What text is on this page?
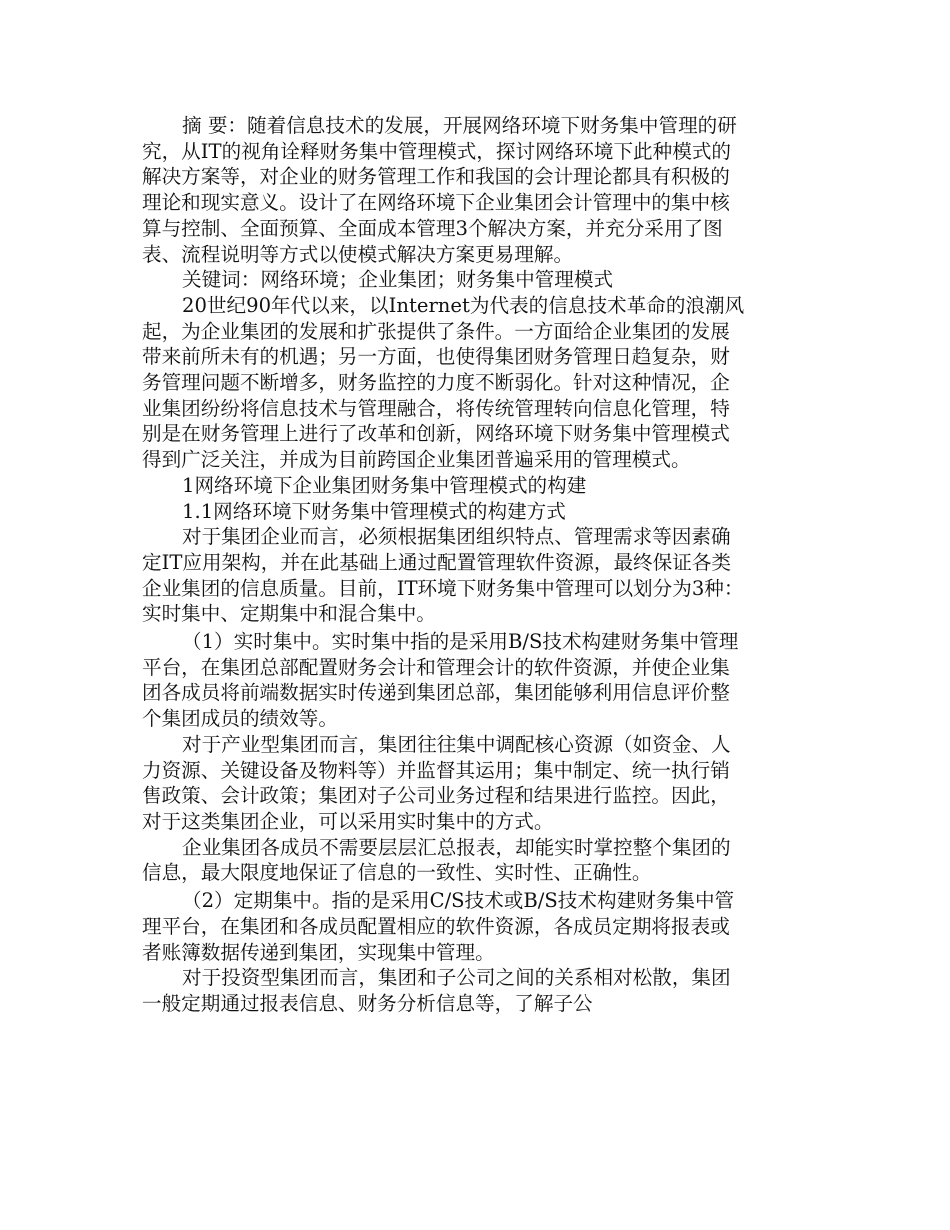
摘 要：随着信息技术的发展，开展网络环境下财务集中管理的研究，从IT的视角诠释财务集中管理模式，探讨网络环境下此种模式的解决方案等，对企业的财务管理工作和我国的会计理论都具有积极的理论和现实意义。设计了在网络环境下企业集团会计管理中的集中核算与控制、全面预算、全面成本管理3个解决方案，并充分采用了图表、流程说明等方式以使模式解决方案更易理解。

关键词：网络环境；企业集团；财务集中管理模式

20世纪90年代以来，以Internet为代表的信息技术革命的浪潮风起，为企业集团的发展和扩张提供了条件。一方面给企业集团的发展带来前所未有的机遇；另一方面，也使得集团财务管理日趋复杂，财务管理问题不断增多，财务监控的力度不断弱化。针对这种情况，企业集团纷纷将信息技术与管理融合，将传统管理转向信息化管理，特别是在财务管理上进行了改革和创新，网络环境下财务集中管理模式得到广泛关注，并成为目前跨国企业集团普遍采用的管理模式。

1网络环境下企业集团财务集中管理模式的构建

1.1网络环境下财务集中管理模式的构建方式

对于集团企业而言，必须根据集团组织特点、管理需求等因素确定IT应用架构，并在此基础上通过配置管理软件资源，最终保证各类企业集团的信息质量。目前，IT环境下财务集中管理可以划分为3种：实时集中、定期集中和混合集中。

（1）实时集中。实时集中指的是采用B/S技术构建财务集中管理平台，在集团总部配置财务会计和管理会计的软件资源，并使企业集团各成员将前端数据实时传递到集团总部，集团能够利用信息评价整个集团成员的绩效等。

对于产业型集团而言，集团往往集中调配核心资源（如资金、人力资源、关键设备及物料等）并监督其运用；集中制定、统一执行销售政策、会计政策；集团对子公司业务过程和结果进行监控。因此，对于这类集团企业，可以采用实时集中的方式。

企业集团各成员不需要层层汇总报表，却能实时掌控整个集团的信息，最大限度地保证了信息的一致性、实时性、正确性。

（2）定期集中。指的是采用C/S技术或B/S技术构建财务集中管理平台，在集团和各成员配置相应的软件资源，各成员定期将报表或者账簿数据传递到集团，实现集中管理。

对于投资型集团而言，集团和子公司之间的关系相对松散，集团一般定期通过报表信息、财务分析信息等，了解子公
